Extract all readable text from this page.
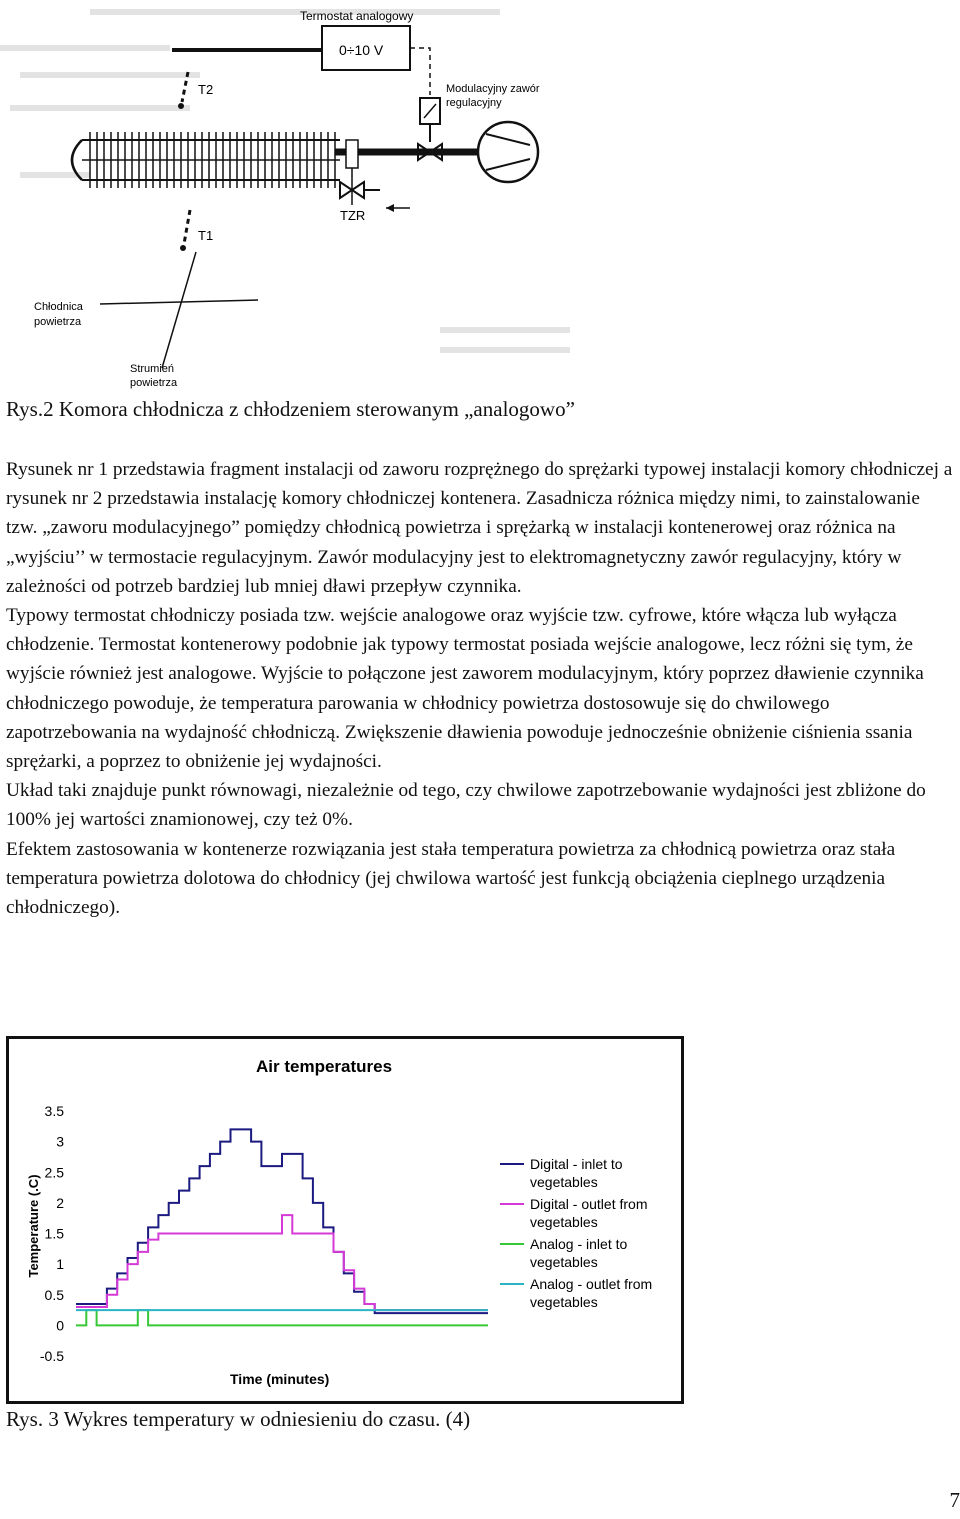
Termostat analogowy
0÷10 V
T2	Modulacyjny zawór
regulacyjny
TZR
T1
Chłodnica
powietrza
Strumień
powietrza
Rys.2 Komora chłodnicza z chłodzeniem sterowanym „analogowo”

Rysunek nr 1 przedstawia fragment instalacji od zaworu rozprężnego do sprężarki typowej instalacji komory chłodniczej a rysunek nr 2 przedstawia instalację komory chłodniczej kontenera. Zasadnicza różnica między nimi, to zainstalowanie tzw. „zaworu modulacyjnego” pomiędzy chłodnicą powietrza i sprężarką w instalacji kontenerowej oraz różnica na „wyjściu’’ w termostacie regulacyjnym. Zawór modulacyjny jest to elektromagnetyczny zawór regulacyjny, który w zależności od potrzeb bardziej lub mniej dławi przepływ czynnika.

Typowy termostat chłodniczy posiada tzw. wejście analogowe oraz wyjście tzw. cyfrowe, które włącza lub wyłącza chłodzenie. Termostat kontenerowy podobnie jak typowy termostat posiada wejście analogowe, lecz różni się tym, że wyjście również jest analogowe. Wyjście to połączone jest zaworem modulacyjnym, który poprzez dławienie czynnika chłodniczego powoduje, że temperatura parowania w chłodnicy powietrza dostosowuje się do chwilowego zapotrzebowania na wydajność chłodniczą. Zwiększenie dławienia powoduje jednocześnie obniżenie ciśnienia ssania sprężarki, a poprzez to obniżenie jej wydajności.

Układ taki znajduje punkt równowagi, niezależnie od tego, czy chwilowe zapotrzebowanie wydajności jest zbliżone do 100% jej wartości znamionowej, czy też 0%.

Efektem zastosowania w kontenerze rozwiązania jest stała temperatura powietrza za chłodnicą powietrza oraz stała temperatura powietrza dolotowa do chłodnicy (jej chwilowa wartość jest funkcją obciążenia cieplnego urządzenia chłodniczego).

Air temperatures
3.5
3
2.5
2
1.5
1
0.5
0
-0.5
Temperature (.C)
Time (minutes)
Digital - inlet to
vegetables
Digital - outlet from
vegetables
Analog - inlet to
vegetables
Analog - outlet from
vegetables
Rys. 3 Wykres temperatury w odniesieniu do czasu. (4)
7
